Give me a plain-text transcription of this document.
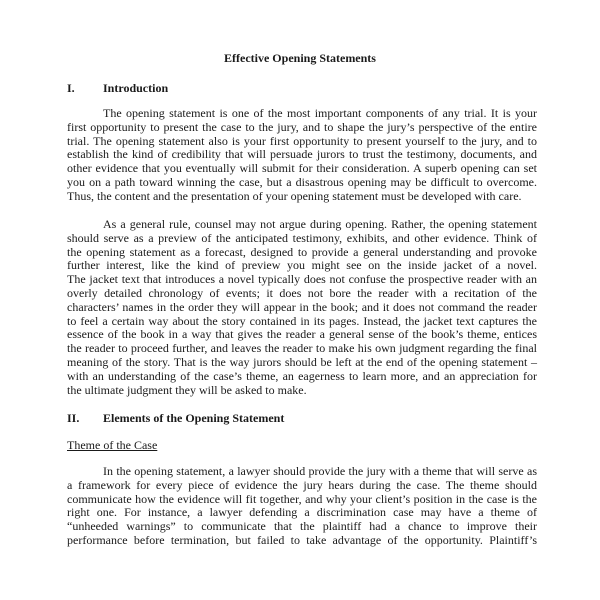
Effective Opening Statements
I. Introduction
The opening statement is one of the most important components of any trial. It is your
first opportunity to present the case to the jury, and to shape the jury’s perspective of the entire
trial. The opening statement also is your first opportunity to present yourself to the jury, and to
establish the kind of credibility that will persuade jurors to trust the testimony, documents, and
other evidence that you eventually will submit for their consideration. A superb opening can set
you on a path toward winning the case, but a disastrous opening may be difficult to overcome.
Thus, the content and the presentation of your opening statement must be developed with care.
As a general rule, counsel may not argue during opening. Rather, the opening statement
should serve as a preview of the anticipated testimony, exhibits, and other evidence. Think of
the opening statement as a forecast, designed to provide a general understanding and provoke
further interest, like the kind of preview you might see on the inside jacket of a novel.
The jacket text that introduces a novel typically does not confuse the prospective reader with an
overly detailed chronology of events; it does not bore the reader with a recitation of the
characters’ names in the order they will appear in the book; and it does not command the reader
to feel a certain way about the story contained in its pages. Instead, the jacket text captures the
essence of the book in a way that gives the reader a general sense of the book’s theme, entices
the reader to proceed further, and leaves the reader to make his own judgment regarding the final
meaning of the story. That is the way jurors should be left at the end of the opening statement –
with an understanding of the case’s theme, an eagerness to learn more, and an appreciation for
the ultimate judgment they will be asked to make.
II. Elements of the Opening Statement
Theme of the Case
In the opening statement, a lawyer should provide the jury with a theme that will serve as
a framework for every piece of evidence the jury hears during the case. The theme should
communicate how the evidence will fit together, and why your client’s position in the case is the
right one. For instance, a lawyer defending a discrimination case may have a theme of
“unheeded warnings” to communicate that the plaintiff had a chance to improve their
performance before termination, but failed to take advantage of the opportunity. Plaintiff’s
